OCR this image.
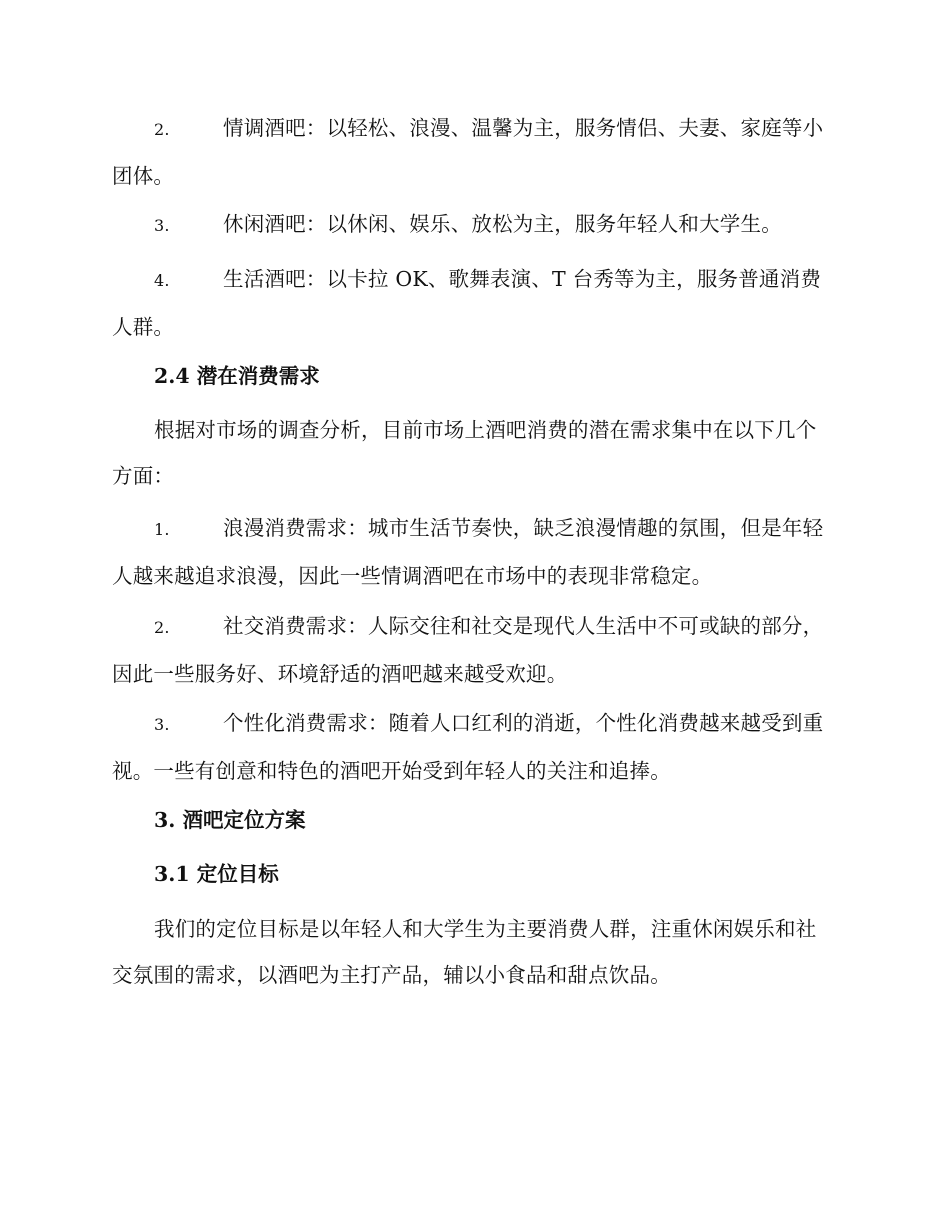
2.	情调酒吧：以轻松、浪漫、温馨为主，服务情侣、夫妻、家庭等小团体。
3.	休闲酒吧：以休闲、娱乐、放松为主，服务年轻人和大学生。
4.	生活酒吧：以卡拉 OK、歌舞表演、T 台秀等为主，服务普通消费人群。
2.4 潜在消费需求
根据对市场的调查分析，目前市场上酒吧消费的潜在需求集中在以下几个方面：
1.	浪漫消费需求：城市生活节奏快，缺乏浪漫情趣的氛围，但是年轻人越来越追求浪漫，因此一些情调酒吧在市场中的表现非常稳定。
2.	社交消费需求：人际交往和社交是现代人生活中不可或缺的部分，因此一些服务好、环境舒适的酒吧越来越受欢迎。
3.	个性化消费需求：随着人口红利的消逝，个性化消费越来越受到重视。一些有创意和特色的酒吧开始受到年轻人的关注和追捧。
3. 酒吧定位方案
3.1 定位目标
我们的定位目标是以年轻人和大学生为主要消费人群，注重休闲娱乐和社交氛围的需求，以酒吧为主打产品，辅以小食品和甜点饮品。
